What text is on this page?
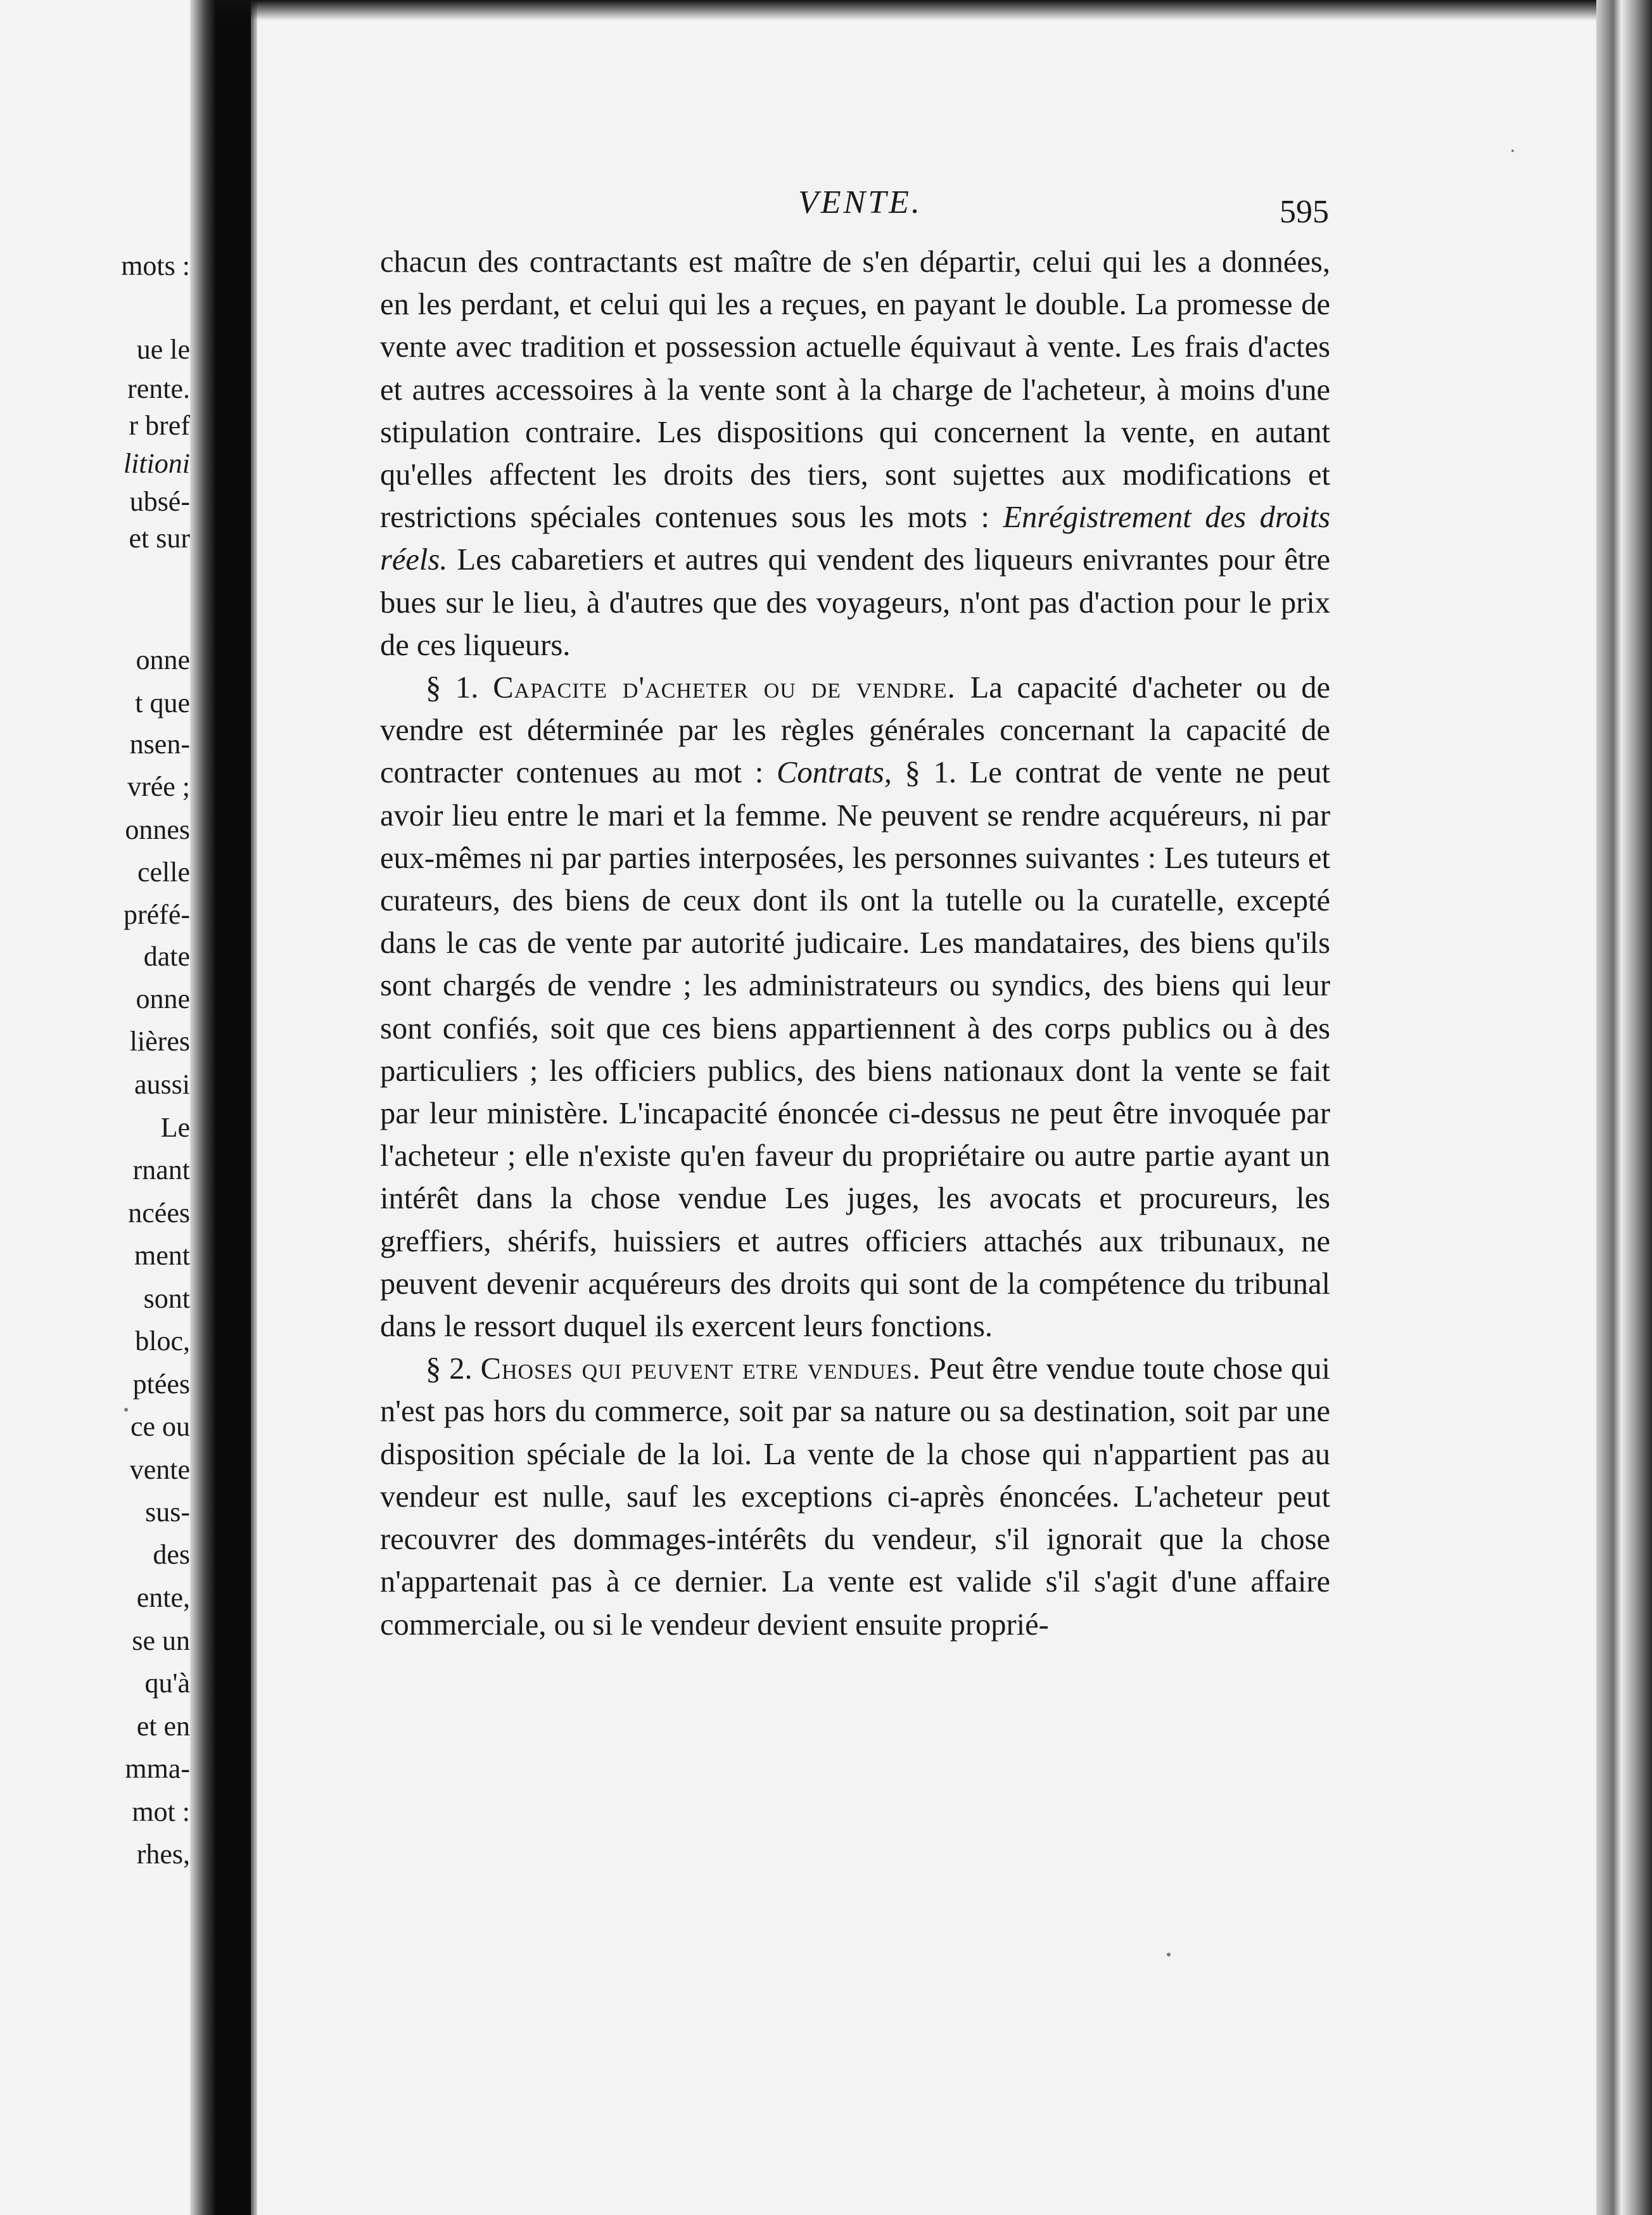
mots :
ue le
rente.
r bref
litioni
ubsé-
et sur
onne
t que
nsen-
vrée ;
onnes
celle
préfé-
date
onne
lières
aussi
Le
rnant
ncées
ment
sont
bloc,
ptées
ce ou
vente
sus-
des
ente,
se un
qu'à
et en
mma-
mot :
rhes,
VENTE.	595

chacun des contractants est maître de s'en départir, celui qui les a données, en les perdant, et celui qui les a reçues, en payant le double. La promesse de vente avec tradition et possession actuelle équivaut à vente. Les frais d'actes et autres accessoires à la vente sont à la charge de l'acheteur, à moins d'une stipulation contraire. Les dispositions qui concernent la vente, en autant qu'elles affectent les droits des tiers, sont sujettes aux modifications et restrictions spéciales contenues sous les mots : Enrégistrement des droits réels. Les cabaretiers et autres qui vendent des liqueurs enivrantes pour être bues sur le lieu, à d'autres que des voyageurs, n'ont pas d'action pour le prix de ces liqueurs.

§ 1. Capacite d'acheter ou de vendre. La capacité d'acheter ou de vendre est déterminée par les règles générales concernant la capacité de contracter contenues au mot : Contrats, § 1. Le contrat de vente ne peut avoir lieu entre le mari et la femme. Ne peuvent se rendre acquéreurs, ni par eux-mêmes ni par parties interposées, les personnes suivantes : Les tuteurs et curateurs, des biens de ceux dont ils ont la tutelle ou la curatelle, excepté dans le cas de vente par autorité judicaire. Les mandataires, des biens qu'ils sont chargés de vendre ; les administrateurs ou syndics, des biens qui leur sont confiés, soit que ces biens appartiennent à des corps publics ou à des particuliers ; les officiers publics, des biens nationaux dont la vente se fait par leur ministère. L'incapacité énoncée ci-dessus ne peut être invoquée par l'acheteur ; elle n'existe qu'en faveur du propriétaire ou autre partie ayant un intérêt dans la chose vendue Les juges, les avocats et procureurs, les greffiers, shérifs, huissiers et autres officiers attachés aux tribunaux, ne peuvent devenir acquéreurs des droits qui sont de la compétence du tribunal dans le ressort duquel ils exercent leurs fonctions.

§ 2. Choses qui peuvent etre vendues. Peut être vendue toute chose qui n'est pas hors du commerce, soit par sa nature ou sa destination, soit par une disposition spéciale de la loi. La vente de la chose qui n'appartient pas au vendeur est nulle, sauf les exceptions ci-après énoncées. L'acheteur peut recouvrer des dommages-intérêts du vendeur, s'il ignorait que la chose n'appartenait pas à ce dernier. La vente est valide s'il s'agit d'une affaire commerciale, ou si le vendeur devient ensuite proprié-
